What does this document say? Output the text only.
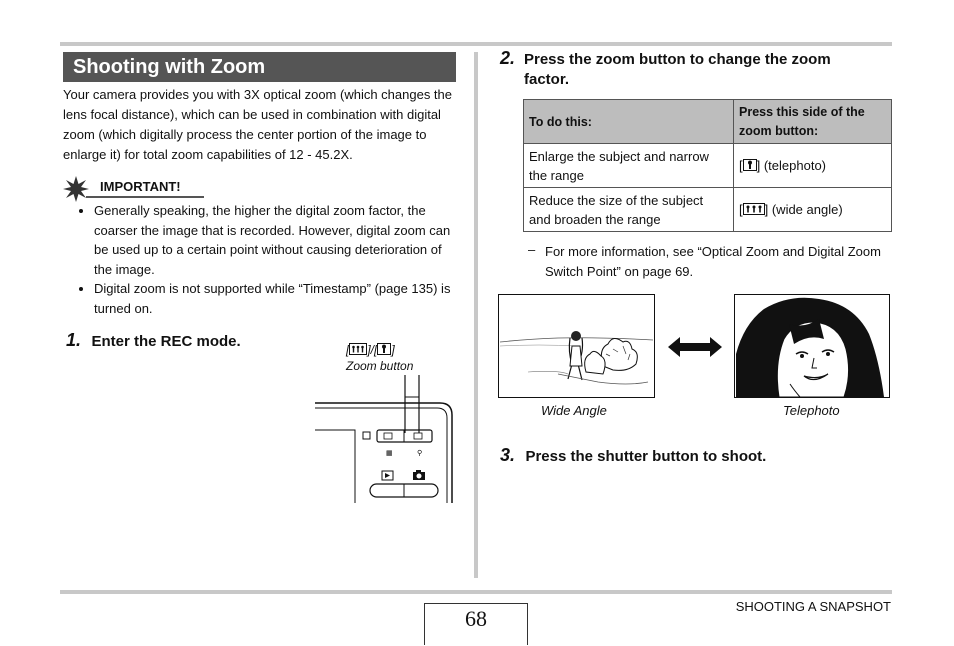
Shooting with Zoom
Your camera provides you with 3X optical zoom (which changes the lens focal distance), which can be used in combination with digital zoom (which digitally process the center portion of the image to enlarge it) for total zoom capabilities of 12 - 45.2X.
IMPORTANT!
• Generally speaking, the higher the digital zoom factor, the coarser the image that is recorded. However, digital zoom can be used up to a certain point without causing deterioration of the image.
• Digital zoom is not supported while “Timestamp” (page 135) is turned on.
1. Enter the REC mode.	[ ]/[ ]
Zoom button
▦	⚲
2. Press the zoom button to change the zoom
factor.
To do this:	Press this side of the zoom button:
Enlarge the subject and narrow the range	[ ] (telephoto)
Reduce the size of the subject and broaden the range	[ ] (wide angle)
– For more information, see “Optical Zoom and Digital Zoom Switch Point” on page 69.
Wide Angle	Telephoto
3. Press the shutter button to shoot.
68	SHOOTING A SNAPSHOT
